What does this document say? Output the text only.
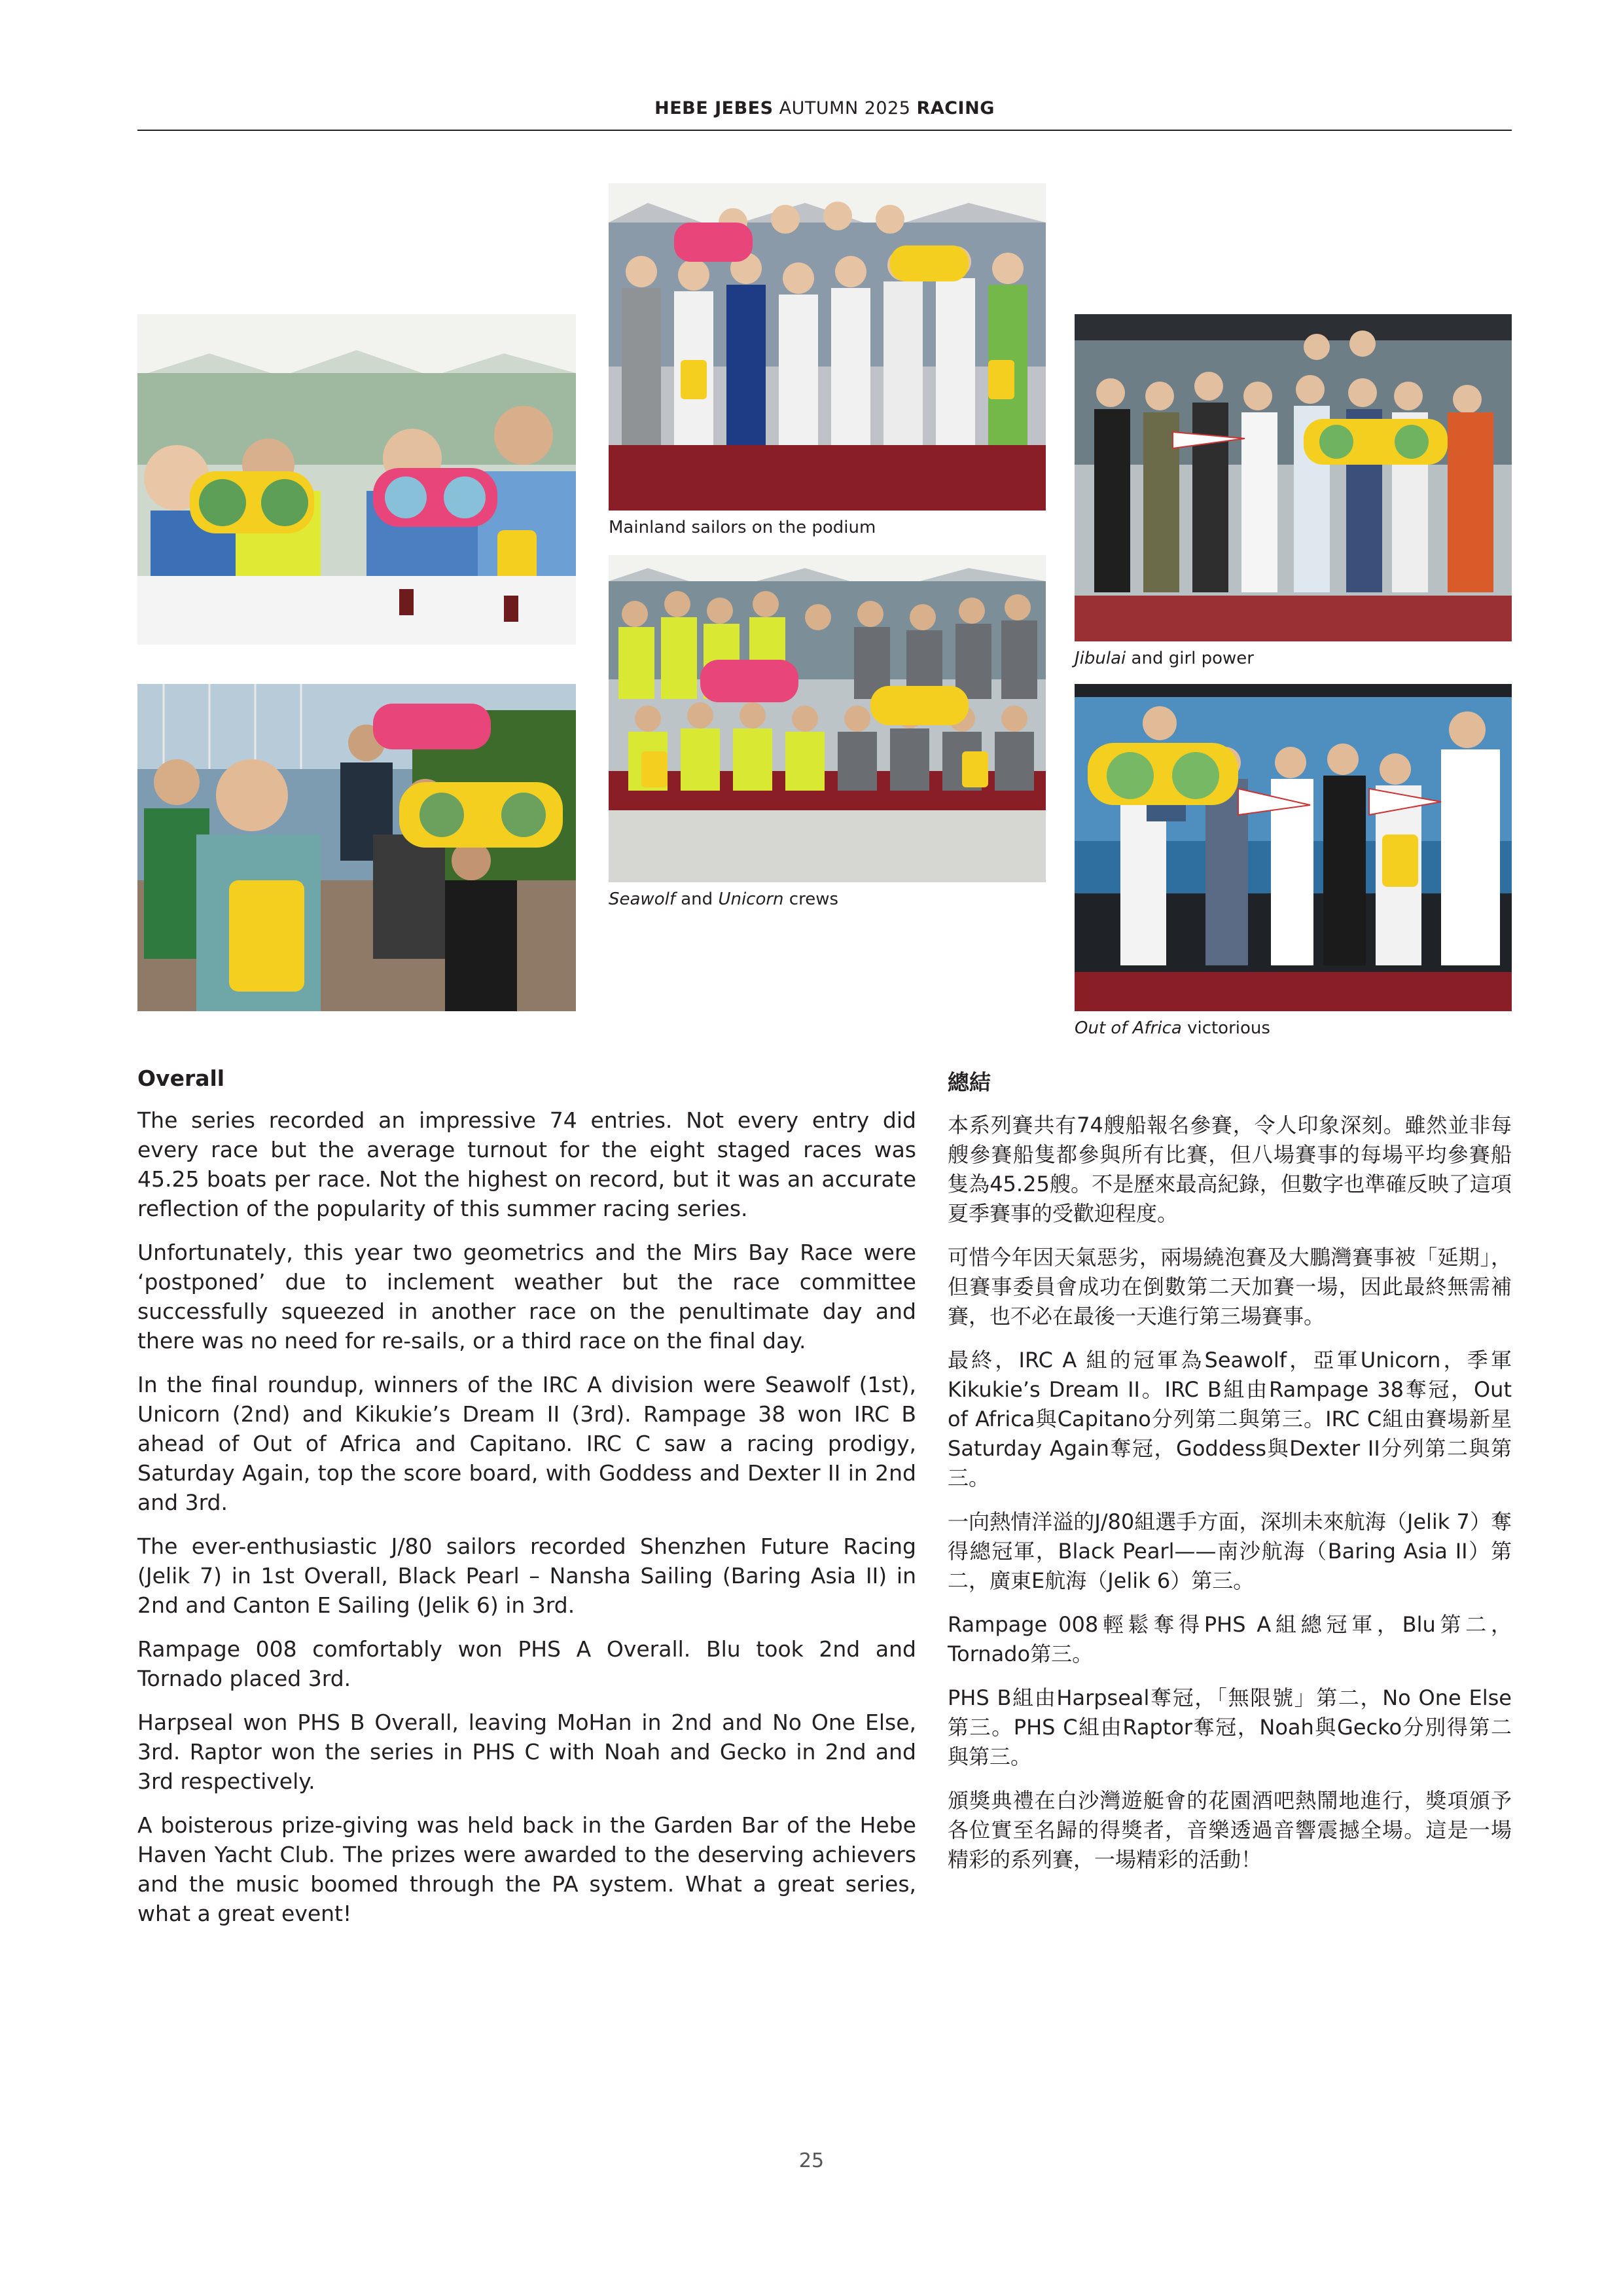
HEBE JEBES AUTUMN 2025 RACING
Mainland sailors on the podium
Jibulai and girl power
Seawolf and Unicorn crews
Out of Africa victorious
Overall

The series recorded an impressive 74 entries. Not every entry did every race but the average turnout for the eight staged races was 45.25 boats per race. Not the highest on record, but it was an accurate reflection of the popularity of this summer racing series.

Unfortunately, this year two geometrics and the Mirs Bay Race were ‘postponed’ due to inclement weather but the race committee successfully squeezed in another race on the penultimate day and there was no need for re-sails, or a third race on the final day.

In the final roundup, winners of the IRC A division were Seawolf (1st), Unicorn (2nd) and Kikukie’s Dream II (3rd). Rampage 38 won IRC B ahead of Out of Africa and Capitano. IRC C saw a racing prodigy, Saturday Again, top the score board, with Goddess and Dexter II in 2nd and 3rd.

The ever-enthusiastic J/80 sailors recorded Shenzhen Future Racing (Jelik 7) in 1st Overall, Black Pearl – Nansha Sailing (Baring Asia II) in 2nd and Canton E Sailing (Jelik 6) in 3rd.

Rampage 008 comfortably won PHS A Overall. Blu took 2nd and Tornado placed 3rd.

Harpseal won PHS B Overall, leaving MoHan in 2nd and No One Else, 3rd. Raptor won the series in PHS C with Noah and Gecko in 2nd and 3rd respectively.

A boisterous prize-giving was held back in the Garden Bar of the Hebe Haven Yacht Club. The prizes were awarded to the deserving achievers and the music boomed through the PA system. What a great series, what a great event!

總結

本系列賽共有74艘船報名參賽，令人印象深刻。雖然並非每艘參賽船隻都參與所有比賽，但八場賽事的每場平均參賽船隻為45.25艘。不是歷來最高紀錄，但數字也準確反映了這項夏季賽事的受歡迎程度。

可惜今年因天氣惡劣，兩場繞泡賽及大鵬灣賽事被「延期」，但賽事委員會成功在倒數第二天加賽一場，因此最終無需補賽，也不必在最後一天進行第三場賽事。

最終，IRC A 組的冠軍為Seawolf，亞軍Unicorn，季軍Kikukie’s Dream II。IRC B組由Rampage 38奪冠，Out of Africa與Capitano分列第二與第三。IRC C組由賽場新星Saturday Again奪冠，Goddess與Dexter II分列第二與第三。

一向熱情洋溢的J/80組選手方面，深圳未來航海（Jelik 7）奪得總冠軍，Black Pearl——南沙航海（Baring Asia II）第二，廣東E航海（Jelik 6）第三。

Rampage 008輕鬆奪得PHS A組總冠軍，Blu第二，Tornado第三。

PHS B組由Harpseal奪冠，「無限號」第二，No One Else第三。PHS C組由Raptor奪冠，Noah與Gecko分別得第二與第三。

頒獎典禮在白沙灣遊艇會的花園酒吧熱鬧地進行，獎項頒予各位實至名歸的得獎者，音樂透過音響震撼全場。這是一場精彩的系列賽，一場精彩的活動！

25
